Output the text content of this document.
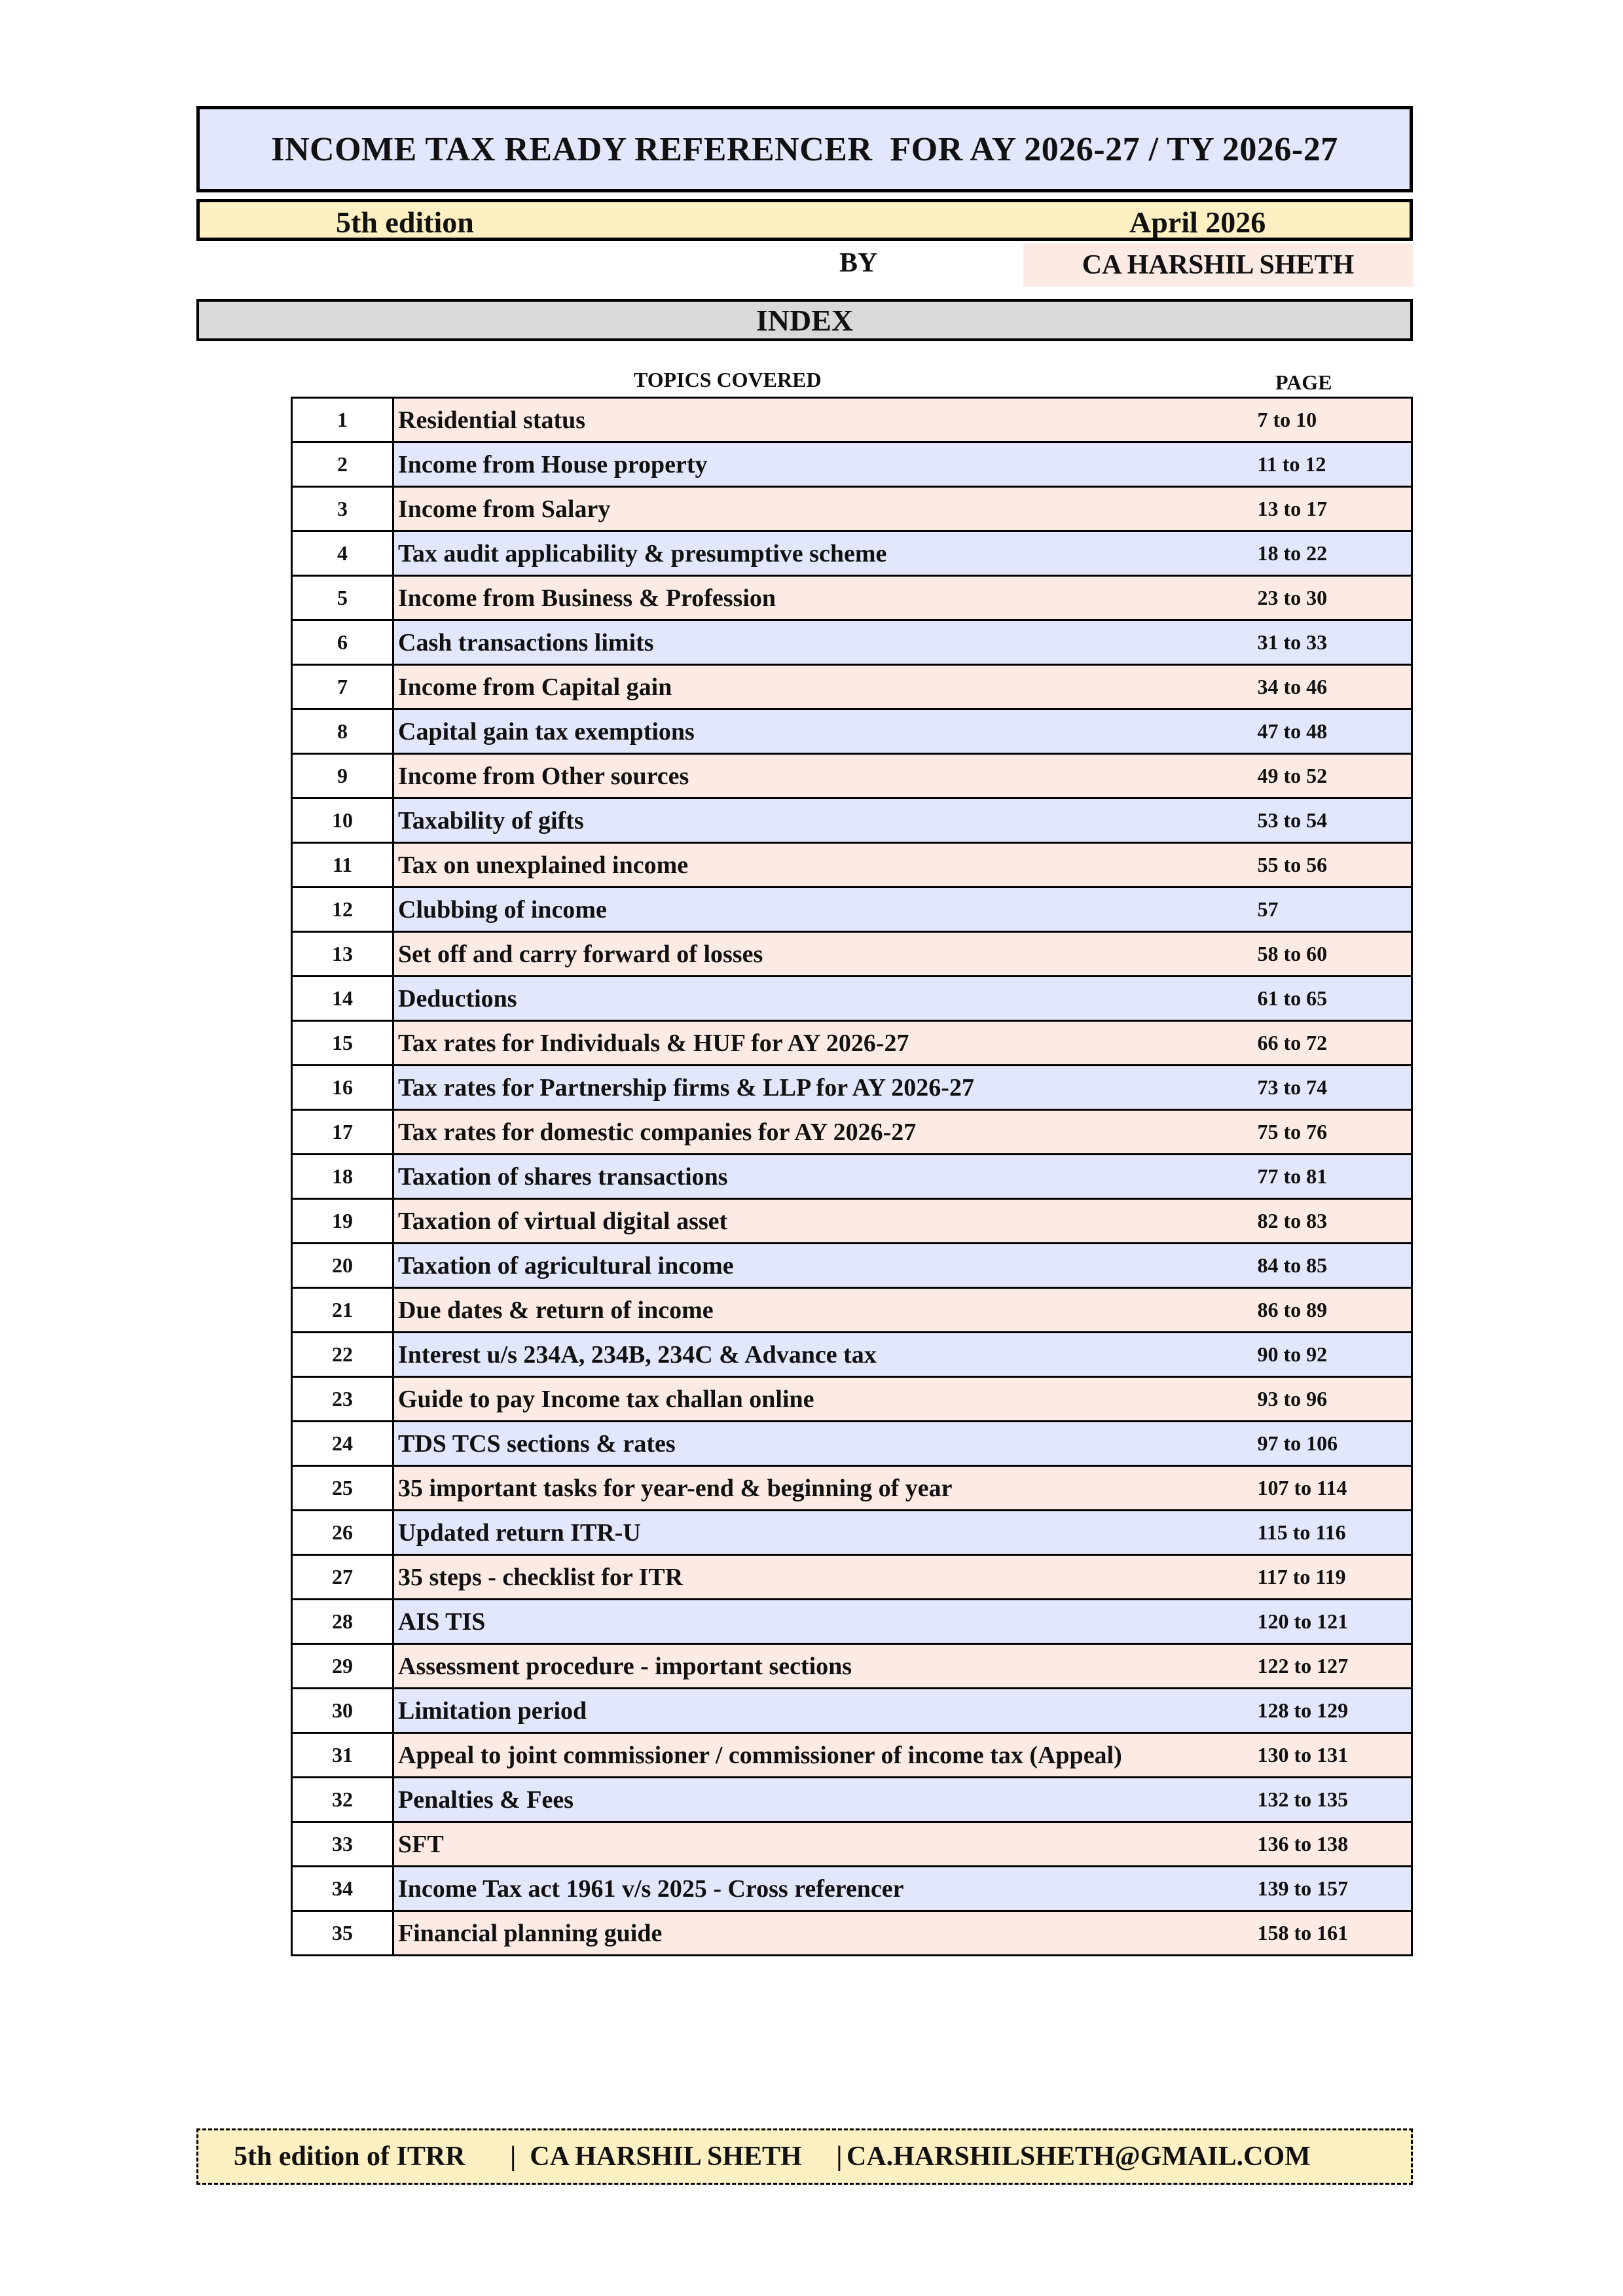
INCOME TAX READY REFERENCER  FOR AY 2026-27 / TY 2026-27
5th edition	April 2026
BY	CA HARSHIL SHETH
INDEX
TOPICS COVERED	PAGE
1	Residential status	7 to 10
2	Income from House property	11 to 12
3	Income from Salary	13 to 17
4	Tax audit applicability & presumptive scheme	18 to 22
5	Income from Business & Profession	23 to 30
6	Cash transactions limits	31 to 33
7	Income from Capital gain	34 to 46
8	Capital gain tax exemptions	47 to 48
9	Income from Other sources	49 to 52
10	Taxability of gifts	53 to 54
11	Tax on unexplained income	55 to 56
12	Clubbing of income	57
13	Set off and carry forward of losses	58 to 60
14	Deductions	61 to 65
15	Tax rates for Individuals & HUF for AY 2026-27	66 to 72
16	Tax rates for Partnership firms & LLP for AY 2026-27	73 to 74
17	Tax rates for domestic companies for AY 2026-27	75 to 76
18	Taxation of shares transactions	77 to 81
19	Taxation of virtual digital asset	82 to 83
20	Taxation of agricultural income	84 to 85
21	Due dates & return of income	86 to 89
22	Interest u/s 234A, 234B, 234C & Advance tax	90 to 92
23	Guide to pay Income tax challan online	93 to 96
24	TDS TCS sections & rates	97 to 106
25	35 important tasks for year-end & beginning of year	107 to 114
26	Updated return ITR-U	115 to 116
27	35 steps - checklist for ITR	117 to 119
28	AIS TIS	120 to 121
29	Assessment procedure - important sections	122 to 127
30	Limitation period	128 to 129
31	Appeal to joint commissioner / commissioner of income tax (Appeal)	130 to 131
32	Penalties & Fees	132 to 135
33	SFT	136 to 138
34	Income Tax act 1961 v/s 2025 - Cross referencer	139 to 157
35	Financial planning guide	158 to 161
5th edition of ITRR |  CA HARSHIL SHETH     | CA.HARSHILSHETH@GMAIL.COM
